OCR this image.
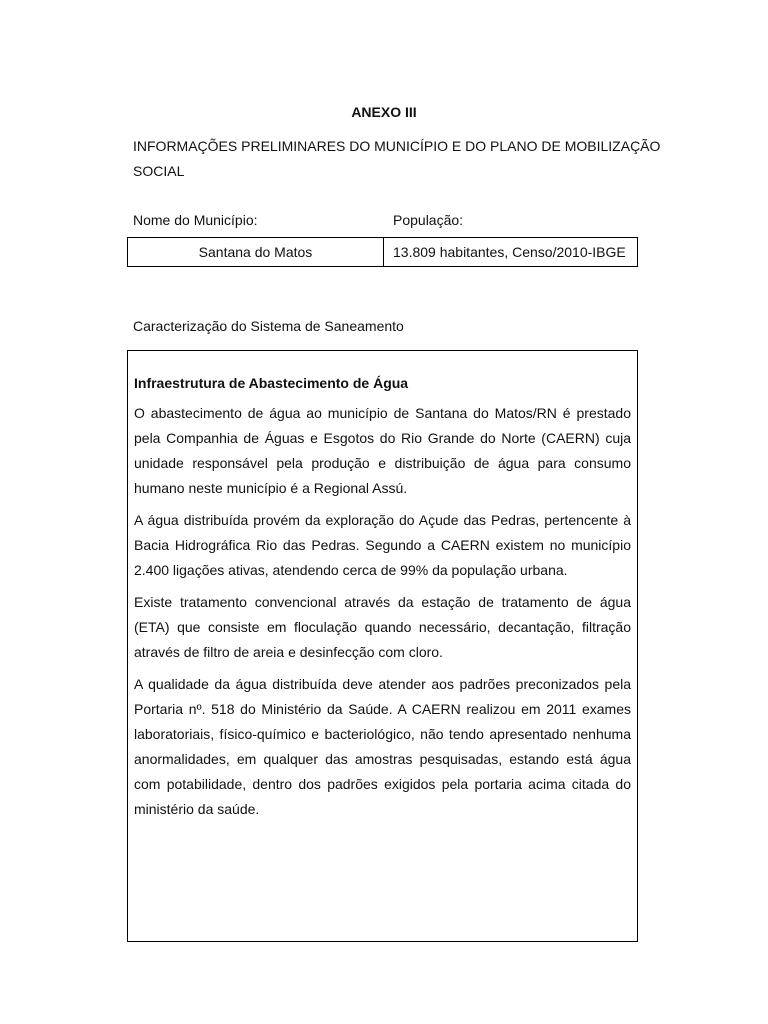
ANEXO III
INFORMAÇÕES PRELIMINARES DO MUNICÍPIO E DO PLANO DE MOBILIZAÇÃO SOCIAL
Nome do Município:	População:
Santana do Matos	13.809 habitantes, Censo/2010-IBGE
Caracterização do Sistema de Saneamento

Infraestrutura de Abastecimento de Água

O abastecimento de água ao município de Santana do Matos/RN é prestado pela Companhia de Águas e Esgotos do Rio Grande do Norte (CAERN) cuja unidade responsável pela produção e distribuição de água para consumo humano neste município é a Regional Assú.

A água distribuída provém da exploração do Açude das Pedras, pertencente à Bacia Hidrográfica Rio das Pedras. Segundo a CAERN existem no município 2.400 ligações ativas, atendendo cerca de 99% da população urbana.

Existe tratamento convencional através da estação de tratamento de água (ETA) que consiste em floculação quando necessário, decantação, filtração através de filtro de areia e desinfecção com cloro.

A qualidade da água distribuída deve atender aos padrões preconizados pela Portaria nº. 518 do Ministério da Saúde. A CAERN realizou em 2011 exames laboratoriais, físico-químico e bacteriológico, não tendo apresentado nenhuma anormalidades, em qualquer das amostras pesquisadas, estando está água com potabilidade, dentro dos padrões exigidos pela portaria acima citada do ministério da saúde.
